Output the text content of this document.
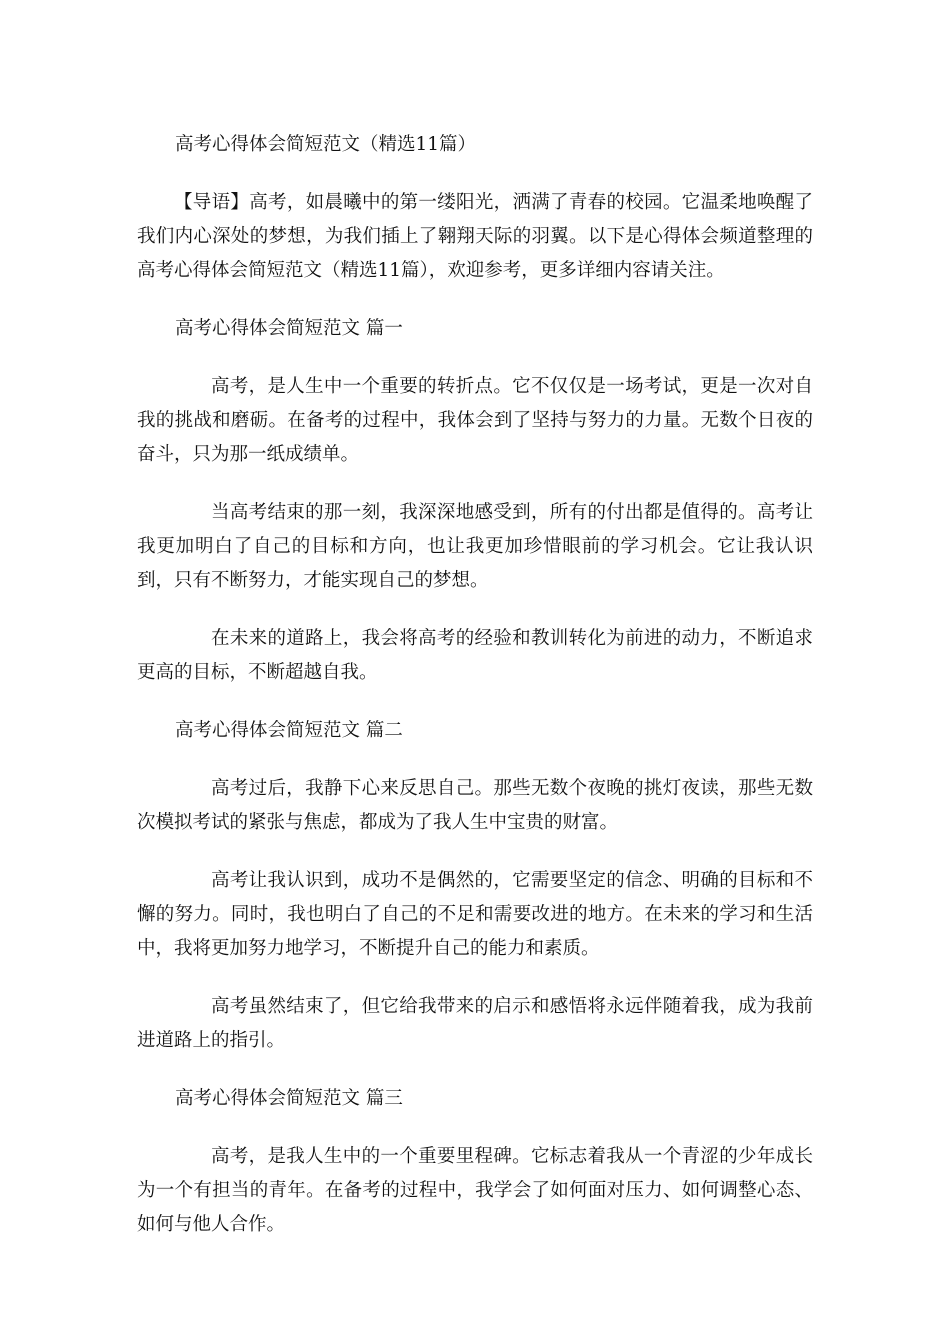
高考心得体会简短范文（精选11篇）

【导语】高考，如晨曦中的第一缕阳光，洒满了青春的校园。它温柔地唤醒了我们内心深处的梦想，为我们插上了翱翔天际的羽翼。以下是心得体会频道整理的高考心得体会简短范文（精选11篇），欢迎参考，更多详细内容请关注。

高考心得体会简短范文 篇一

高考，是人生中一个重要的转折点。它不仅仅是一场考试，更是一次对自我的挑战和磨砺。在备考的过程中，我体会到了坚持与努力的力量。无数个日夜的奋斗，只为那一纸成绩单。

当高考结束的那一刻，我深深地感受到，所有的付出都是值得的。高考让我更加明白了自己的目标和方向，也让我更加珍惜眼前的学习机会。它让我认识到，只有不断努力，才能实现自己的梦想。

在未来的道路上，我会将高考的经验和教训转化为前进的动力，不断追求更高的目标，不断超越自我。

高考心得体会简短范文 篇二

高考过后，我静下心来反思自己。那些无数个夜晚的挑灯夜读，那些无数次模拟考试的紧张与焦虑，都成为了我人生中宝贵的财富。

高考让我认识到，成功不是偶然的，它需要坚定的信念、明确的目标和不懈的努力。同时，我也明白了自己的不足和需要改进的地方。在未来的学习和生活中，我将更加努力地学习，不断提升自己的能力和素质。

高考虽然结束了，但它给我带来的启示和感悟将永远伴随着我，成为我前进道路上的指引。

高考心得体会简短范文 篇三

高考，是我人生中的一个重要里程碑。它标志着我从一个青涩的少年成长为一个有担当的青年。在备考的过程中，我学会了如何面对压力、如何调整心态、如何与他人合作。
